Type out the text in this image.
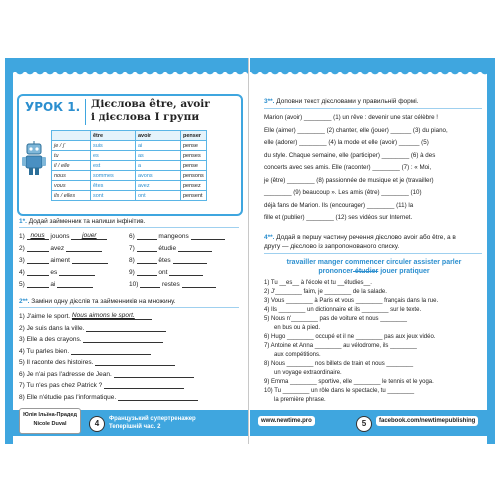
УРОК 1. Дієслова être, avoir
і дієслова I групи
	être	avoir	penser
je / j'	suis	ai	pense
tu	es	as	penses
il / elle	est	a	pense
nous	sommes	avons	pensons
vous	êtes	avez	pensez
ils / elles	sont	ont	pensent
1*. Додай займенник та напиши інфінітив.
1) nous jouons jouer	6)	mangeons
2)	avez	7)	étudie
3)	aiment	8)	êtes
4)	es	9)	ont
5)	ai	10)	restes
2**. Заміни одну дієслів та займенників на множину.
1) J'aime le sport. Nous aimons le sport.
2) Je suis dans la ville.
3) Elle a des crayons.
4) Tu parles bien.
5) Il raconte des histoires.
6) Je n'ai pas l'adresse de Jean.
7) Tu n'es pas chez Patrick ?
8) Elle n'étudie pas l'informatique.
Юлія Ільїна-Прадед
Nicole Duval	4	Французький супертренажер
Теперішній час. 2
3**. Доповни текст дієсловами у правильній формі.
Marion (avoir) ________ (1) un rêve : devenir une star célèbre !
Elle (aimer) ________ (2) chanter, elle (jouer) ______ (3) du piano,
elle (adorer) ________ (4) la mode et elle (avoir) ______ (5)
du style. Chaque semaine, elle (participer) ________ (6) à des
concerts avec ses amis. Elle (raconter) ________ (7) : « Moi,
je (être) ________ (8) passionnée de musique et je (travailler)
________ (9) beaucoup ». Les amis (être) ________ (10)
déjà fans de Marion. Ils (encourager) ________ (11) la
fille et (publier) ________ (12) ses vidéos sur Internet.
4**. Додай в першу частину речення дієслово avoir або être, а в
другу — дієслово із запропонованого списку.
travailler manger commencer circuler assister parler
prononcer étudier jouer pratiquer
1) Tu __es__ à l'école et tu __étudies__.
2) J'________ faim, je ________ de la salade.
3) Vous ________ à Paris et vous ________ français dans la rue.
4) Ils ________ un dictionnaire et ils ________ sur le texte.
5) Nous n'________ pas de voiture et nous ________
en bus ou à pied.
6) Hugo ________ occupé et il ne ________ pas aux jeux vidéo.
7) Antoine et Anna ________ au vélodrome, ils ________
aux compétitions.
8) Nous ________ nos billets de train et nous ________
un voyage extraordinaire.
9) Emma ________ sportive, elle ________ le tennis et le yoga.
10) Tu ________ un rôle dans le spectacle, tu ________
la première phrase.
www.newtime.pro	5	facebook.com/newtimepublishing
